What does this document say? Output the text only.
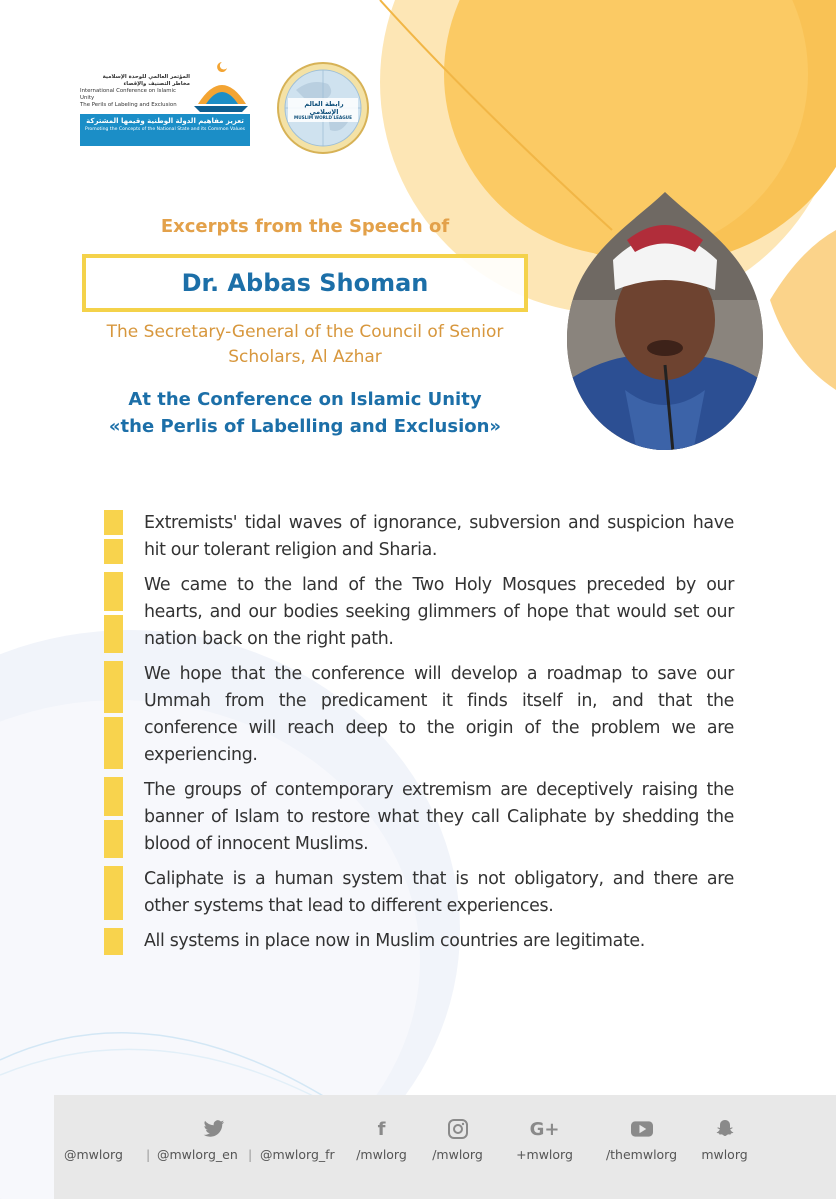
المؤتمر العالمي للوحدة الإسلامية
مخاطر التصنيف والإقصاء
International Conference on Islamic Unity
The Perils of Labeling and Exclusion
تعزيز مفاهيم الدولة الوطنية وقيمها المشتركة
Promoting the Concepts of the National State and its Common Values
رابطة العالم الإسلامي
MUSLIM WORLD LEAGUE
Excerpts from the Speech of
Dr. Abbas Shoman
The Secretary-General of the Council of Senior
Scholars, Al Azhar
At the Conference on Islamic Unity
«the Perlis of Labelling and Exclusion»

Extremists' tidal waves of ignorance, subversion and suspicion have hit our tolerant religion and Sharia.

We came to the land of the Two Holy Mosques preceded by our hearts, and our bodies seeking glimmers of hope that would set our nation back on the right path.

We hope that the conference will develop a roadmap to save our Ummah from the predicament it finds itself in, and that the conference will reach deep to the origin of the problem we are experiencing.

The groups of contemporary extremism are deceptively raising the banner of Islam to restore what they call Caliphate by shedding the blood of innocent Muslims.

Caliphate is a human system that is not obligatory, and there are other systems that lead to different experiences.

All systems in place now in Muslim countries are legitimate.

@mwlorg | @mwlorg_en | @mwlorg_fr
f
/mwlorg	/mwlorg
G+
+mwlorg	/themwlorg	mwlorg
